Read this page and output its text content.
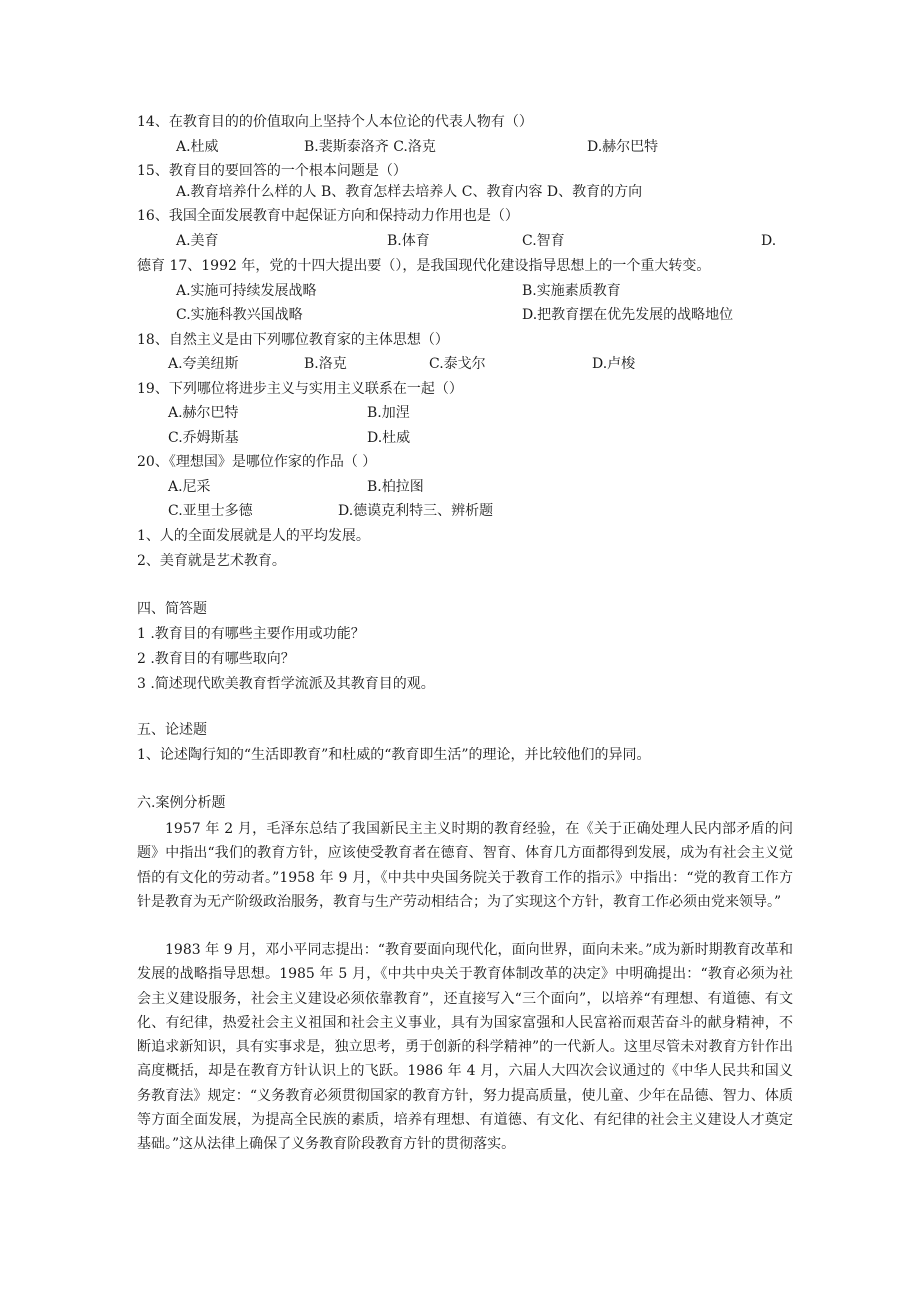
14、在教育目的的价值取向上坚持个人本位论的代表人物有（）
A.杜威	B.裴斯泰洛齐 C.洛克	D.赫尔巴特
15、教育目的要回答的一个根本问题是（）
A.教育培养什么样的人 B、教育怎样去培养人 C、教育内容 D、教育的方向
16、我国全面发展教育中起保证方向和保持动力作用也是（）
A.美育	B.体育	C.智育	D.
德育 17、1992 年，党的十四大提出要（），是我国现代化建设指导思想上的一个重大转变。
A.实施可持续发展战略	B.实施素质教育
C.实施科教兴国战略	D.把教育摆在优先发展的战略地位
18、自然主义是由下列哪位教育家的主体思想（）
A.夸美纽斯	B.洛克	C.泰戈尔	D.卢梭
19、下列哪位将进步主义与实用主义联系在一起（）
A.赫尔巴特	B.加涅
C.乔姆斯基	D.杜威
20、《理想国》是哪位作家的作品（ ）
A.尼采	B.柏拉图
C.亚里士多德	D.德谟克利特三、辨析题
1、人的全面发展就是人的平均发展。
2、美育就是艺术教育。
四、简答题
1 .教育目的有哪些主要作用或功能？
2 .教育目的有哪些取向？
3 .简述现代欧美教育哲学流派及其教育目的观。
五、论述题
1、论述陶行知的“生活即教育”和杜威的“教育即生活”的理论，并比较他们的异同。
六.案例分析题

1957 年 2 月，毛泽东总结了我国新民主主义时期的教育经验，在《关于正确处理人民内部矛盾的问题》中指出“我们的教育方针，应该使受教育者在德育、智育、体育几方面都得到发展，成为有社会主义觉悟的有文化的劳动者。”1958 年 9 月，《中共中央国务院关于教育工作的指示》中指出：“党的教育工作方针是教育为无产阶级政治服务，教育与生产劳动相结合；为了实现这个方针，教育工作必须由党来领导。”

1983 年 9 月，邓小平同志提出：“教育要面向现代化，面向世界，面向未来。”成为新时期教育改革和发展的战略指导思想。1985 年 5 月，《中共中央关于教育体制改革的决定》中明确提出：“教育必须为社会主义建设服务，社会主义建设必须依靠教育”，还直接写入“三个面向”，以培养“有理想、有道德、有文化、有纪律，热爱社会主义祖国和社会主义事业，具有为国家富强和人民富裕而艰苦奋斗的献身精神，不断追求新知识，具有实事求是，独立思考，勇于创新的科学精神”的一代新人。这里尽管未对教育方针作出高度概括，却是在教育方针认识上的飞跃。1986 年 4 月，六届人大四次会议通过的《中华人民共和国义务教育法》规定：“义务教育必须贯彻国家的教育方针，努力提高质量，使儿童、少年在品德、智力、体质等方面全面发展，为提高全民族的素质，培养有理想、有道德、有文化、有纪律的社会主义建设人才奠定基础。”这从法律上确保了义务教育阶段教育方针的贯彻落实。
